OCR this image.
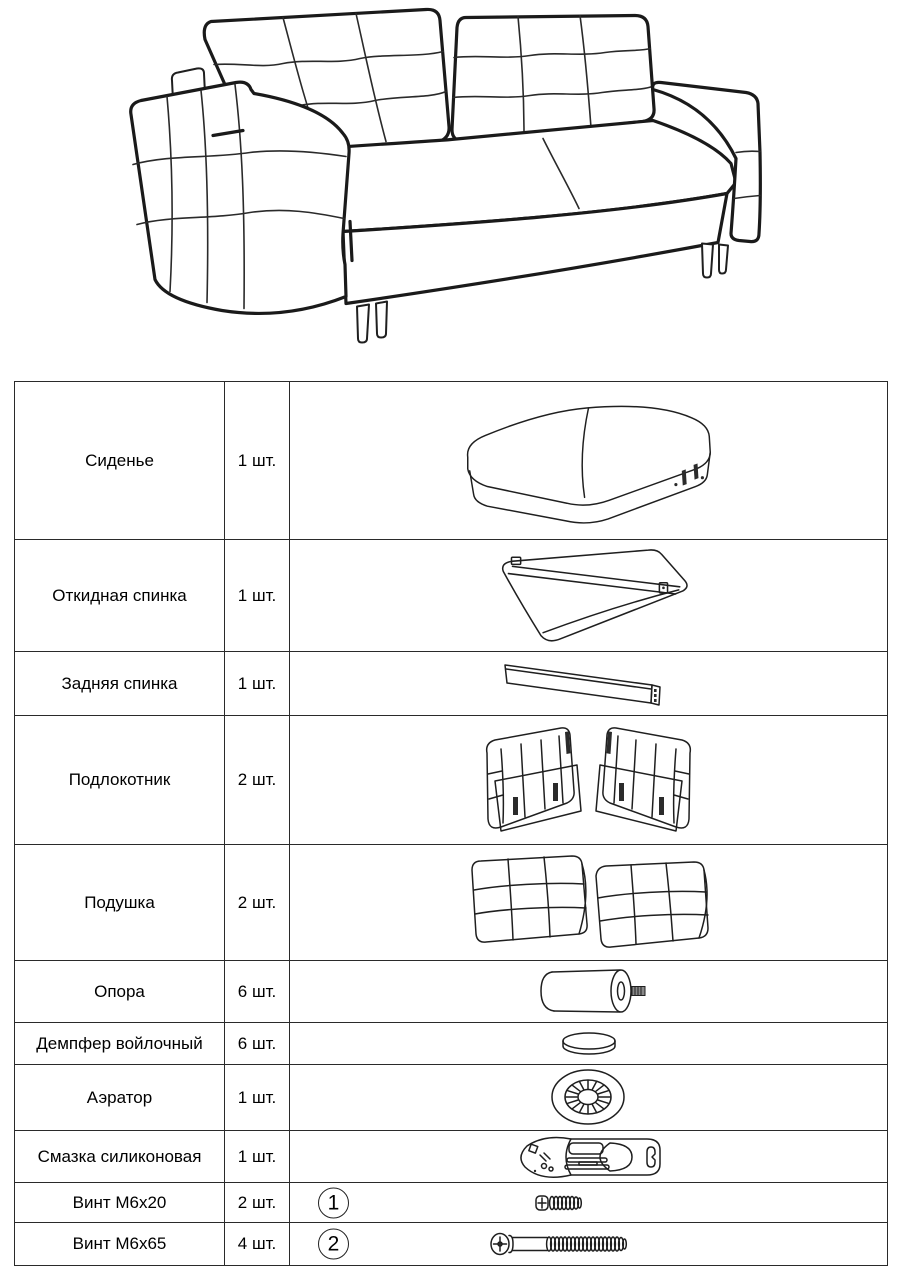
Сиденье	1 шт.
Откидная спинка	1 шт.
Задняя спинка	1 шт.
Подлокотник	2 шт.
Подушка	2 шт.
Опора	6 шт.
Демпфер войлочный	6 шт.
Аэратор	1 шт.
Смазка силиконовая	1 шт.
Винт М6х20	2 шт.	1
Винт М6х65	4 шт.	2
